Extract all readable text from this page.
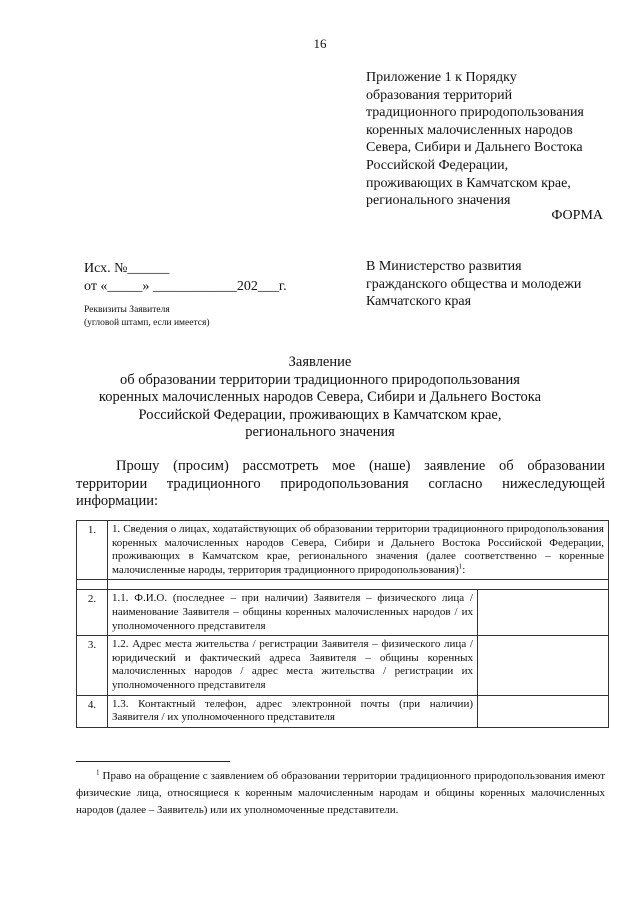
16
Приложение 1 к Порядку
образования территорий
традиционного природопользования
коренных малочисленных народов
Севера, Сибири и Дальнего Востока
Российской Федерации,
проживающих в Камчатском крае,
регионального значения
ФОРМА
Исх. №______
от «_____» ____________202___г.
Реквизиты Заявителя
(угловой штамп, если имеется)
В Министерство развития
гражданского общества и молодежи
Камчатского края
Заявление
об образовании территории традиционного природопользования
коренных малочисленных народов Севера, Сибири и Дальнего Востока
Российской Федерации, проживающих в Камчатском крае,
регионального значения
Прошу (просим) рассмотреть мое (наше) заявление об образовании территории традиционного природопользования согласно нижеследующей информации:
1.	1. Сведения о лицах, ходатайствующих об образовании территории традиционного природопользования коренных малочисленных народов Севера, Сибири и Дальнего Востока Российской Федерации, проживающих в Камчатском крае, регионального значения (далее соответственно – коренные малочисленные народы, территория традиционного природопользования)$^1$:	

2.	1.1. Ф.И.О. (последнее – при наличии) Заявителя – физического лица / наименование Заявителя – общины коренных малочисленных народов / их уполномоченного представителя	
3.	1.2. Адрес места жительства / регистрации Заявителя – физического лица / юридический и фактический адреса Заявителя – общины коренных малочисленных народов / адрес места жительства / регистрации их уполномоченного представителя	
4.	1.3. Контактный телефон, адрес электронной почты (при наличии) Заявителя / их уполномоченного представителя	
$^1$ Право на обращение с заявлением об образовании территории традиционного природопользования имеют физические лица, относящиеся к коренным малочисленным народам и общины коренных малочисленных народов (далее – Заявитель) или их уполномоченные представители.
